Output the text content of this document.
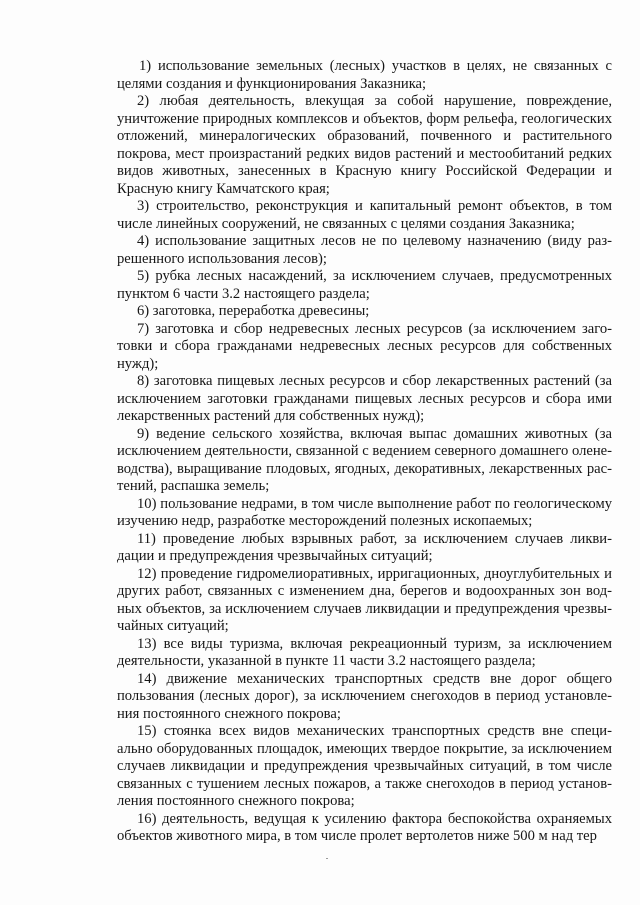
1) использование земельных (лесных) участков в целях, не связанных с целями создания и функционирования Заказника;

2) любая деятельность, влекущая за собой нарушение, повреждение, уничтожение природных комплексов и объектов, форм рельефа, геологических отложений, минералогических образований, почвенного и растительного покрова, мест произрастаний редких видов растений и местообитаний редких видов животных, занесенных в Красную книгу Российской Федерации и Красную книгу Камчатского края;

3) строительство, реконструкция и капитальный ремонт объектов, в том числе линейных сооружений, не связанных с целями создания Заказника;

4) использование защитных лесов не по целевому назначению (виду разрешенного использования лесов);

5) рубка лесных насаждений, за исключением случаев, предусмотренных пунктом 6 части 3.2 настоящего раздела;

6) заготовка, переработка древесины;

7) заготовка и сбор недревесных лесных ресурсов (за исключением заготовки и сбора гражданами недревесных лесных ресурсов для собственных нужд);

8) заготовка пищевых лесных ресурсов и сбор лекарственных растений (за исключением заготовки гражданами пищевых лесных ресурсов и сбора ими лекарственных растений для собственных нужд);

9) ведение сельского хозяйства, включая выпас домашних животных (за исключением деятельности, связанной с ведением северного домашнего оленеводства), выращивание плодовых, ягодных, декоративных, лекарственных растений, распашка земель;

10) пользование недрами, в том числе выполнение работ по геологическому изучению недр, разработке месторождений полезных ископаемых;

11) проведение любых взрывных работ, за исключением случаев ликвидации и предупреждения чрезвычайных ситуаций;

12) проведение гидромелиоративных, ирригационных, дноуглубительных и других работ, связанных с изменением дна, берегов и водоохранных зон водных объектов, за исключением случаев ликвидации и предупреждения чрезвычайных ситуаций;

13) все виды туризма, включая рекреационный туризм, за исключением деятельности, указанной в пункте 11 части 3.2 настоящего раздела;

14) движение механических транспортных средств вне дорог общего пользования (лесных дорог), за исключением снегоходов в период установления постоянного снежного покрова;

15) стоянка всех видов механических транспортных средств вне специально оборудованных площадок, имеющих твердое покрытие, за исключением случаев ликвидации и предупреждения чрезвычайных ситуаций, в том числе связанных с тушением лесных пожаров, а также снегоходов в период установления постоянного снежного покрова;

16) деятельность, ведущая к усилению фактора беспокойства охраняемых объектов животного мира, в том числе пролет вертолетов ниже 500 м над тер
